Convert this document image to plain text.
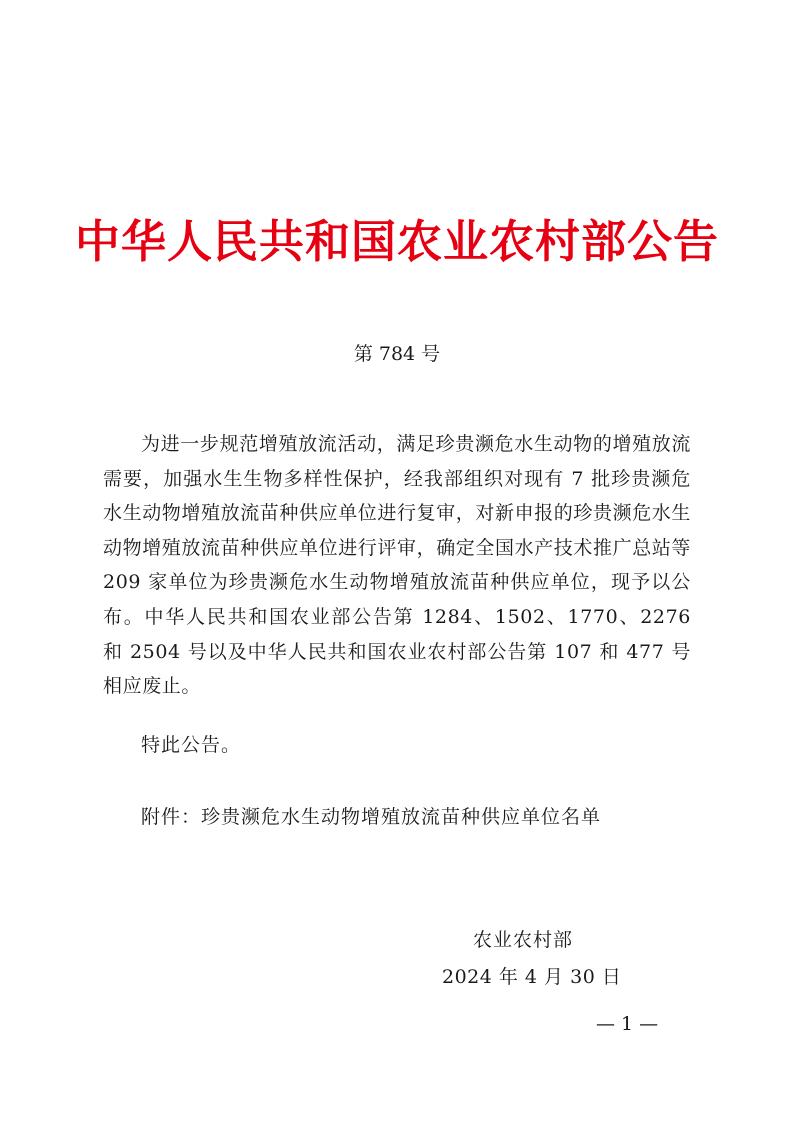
中华人民共和国农业农村部公告
第 784 号

为进一步规范增殖放流活动，满足珍贵濒危水生动物的增殖放流需要，加强水生生物多样性保护，经我部组织对现有 7 批珍贵濒危水生动物增殖放流苗种供应单位进行复审，对新申报的珍贵濒危水生动物增殖放流苗种供应单位进行评审，确定全国水产技术推广总站等 209 家单位为珍贵濒危水生动物增殖放流苗种供应单位，现予以公布。中华人民共和国农业部公告第 1284、1502、1770、2276 和 2504 号以及中华人民共和国农业农村部公告第 107 和 477 号相应废止。

特此公告。
附件：珍贵濒危水生动物增殖放流苗种供应单位名单
农业农村部
2024 年 4 月 30 日
— 1 —
